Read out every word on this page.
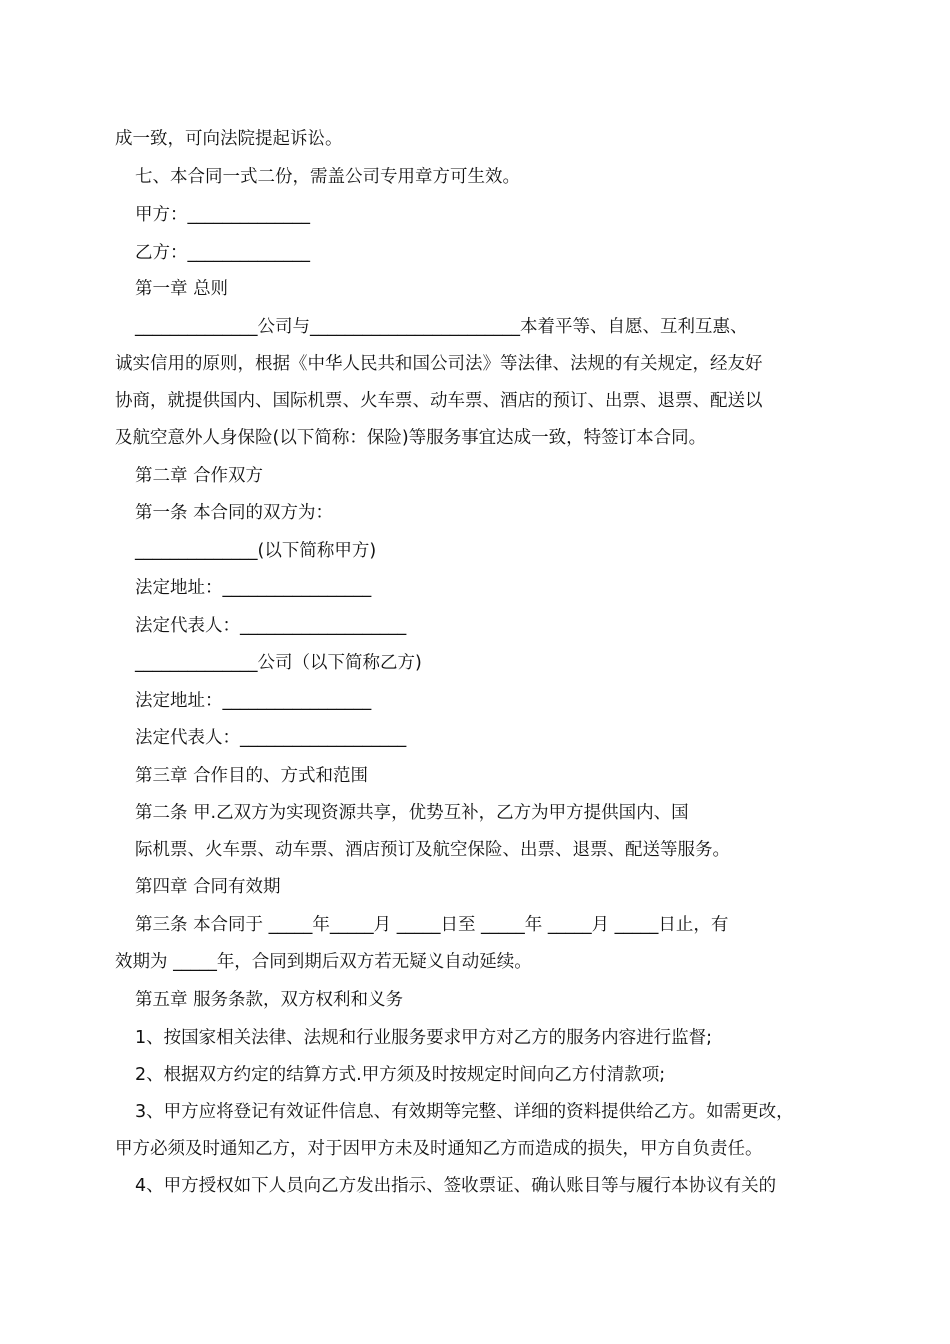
成一致，可向法院提起诉讼。
七、本合同一式二份，需盖公司专用章方可生效。
甲方：______________
乙方：______________
第一章 总则
______________公司与________________________本着平等、自愿、互利互惠、
诚实信用的原则，根据《中华人民共和国公司法》等法律、法规的有关规定，经友好
协商，就提供国内、国际机票、火车票、动车票、酒店的预订、出票、退票、配送以
及航空意外人身保险(以下简称：保险)等服务事宜达成一致，特签订本合同。
第二章 合作双方
第一条 本合同的双方为：
______________(以下简称甲方)
法定地址：_________________
法定代表人：___________________
______________公司（以下简称乙方)
法定地址：_________________
法定代表人：___________________
第三章 合作目的、方式和范围
第二条 甲.乙双方为实现资源共享，优势互补，乙方为甲方提供国内、国
际机票、火车票、动车票、酒店预订及航空保险、出票、退票、配送等服务。
第四章 合同有效期
第三条 本合同于 _____年_____月 _____日至 _____年 _____月 _____日止，有
效期为 _____年，合同到期后双方若无疑义自动延续。
第五章 服务条款，双方权利和义务
1、按国家相关法律、法规和行业服务要求甲方对乙方的服务内容进行监督;
2、根据双方约定的结算方式.甲方须及时按规定时间向乙方付清款项;
3、甲方应将登记有效证件信息、有效期等完整、详细的资料提供给乙方。如需更改，
甲方必须及时通知乙方，对于因甲方未及时通知乙方而造成的损失，甲方自负责任。
4、甲方授权如下人员向乙方发出指示、签收票证、确认账目等与履行本协议有关的
